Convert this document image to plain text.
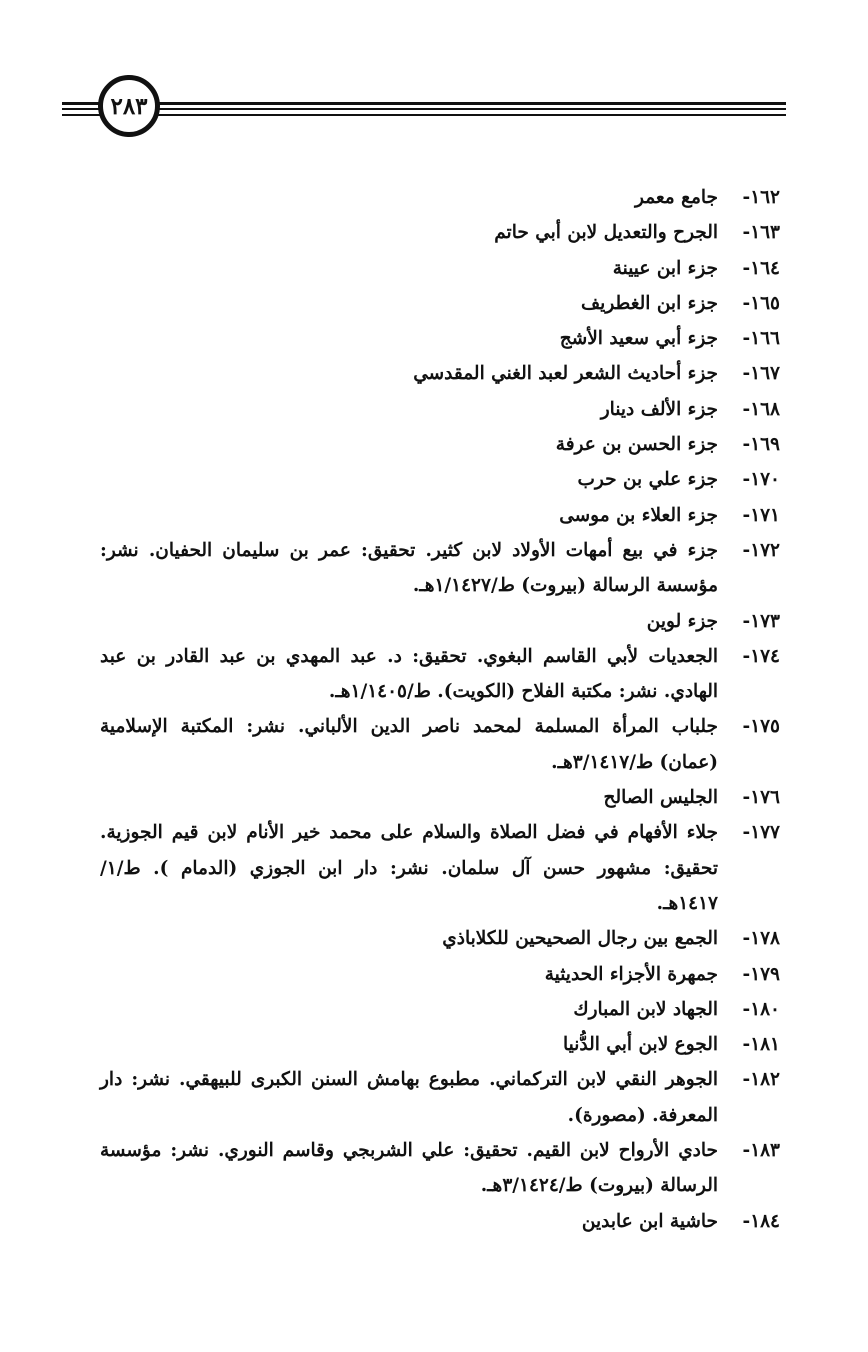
٢٨٣
١٦٢-
جامع معمر
١٦٣-
الجرح والتعديل لابن أبي حاتم
١٦٤-
جزء ابن عيينة
١٦٥-
جزء ابن الغطريف
١٦٦-
جزء أبي سعيد الأشج
١٦٧-
جزء أحاديث الشعر لعبد الغني المقدسي
١٦٨-
جزء الألف دينار
١٦٩-
جزء الحسن بن عرفة
١٧٠-
جزء علي بن حرب
١٧١-
جزء العلاء بن موسى
١٧٢-
جزء في بيع أمهات الأولاد لابن كثير. تحقيق: عمر بن سليمان الحفيان. نشر: مؤسسة الرسالة (بيروت) ط/١/١٤٢٧هـ.
١٧٣-
جزء لوين
١٧٤-
الجعديات لأبي القاسم البغوي. تحقيق: د. عبد المهدي بن عبد القادر بن عبد الهادي. نشر: مكتبة الفلاح (الكويت). ط/١/١٤٠٥هـ.
١٧٥-
جلباب المرأة المسلمة لمحمد ناصر الدين الألباني. نشر: المكتبة الإسلامية (عمان) ط/٣/١٤١٧هـ.
١٧٦-
الجليس الصالح
١٧٧-
جلاء الأفهام في فضل الصلاة والسلام على محمد خير الأنام لابن قيم الجوزية. تحقيق: مشهور حسن آل سلمان. نشر: دار ابن الجوزي (الدمام ). ط/١/ ١٤١٧هـ.
١٧٨-
الجمع بين رجال الصحيحين للكلاباذي
١٧٩-
جمهرة الأجزاء الحديثية
١٨٠-
الجهاد لابن المبارك
١٨١-
الجوع لابن أبي الدُّنيا
١٨٢-
الجوهر النقي لابن التركماني. مطبوع بهامش السنن الكبرى للبيهقي. نشر: دار المعرفة. (مصورة).
١٨٣-
حادي الأرواح لابن القيم. تحقيق: علي الشربجي وقاسم النوري. نشر: مؤسسة الرسالة (بيروت) ط/٣/١٤٢٤هـ.
١٨٤-
حاشية ابن عابدين
